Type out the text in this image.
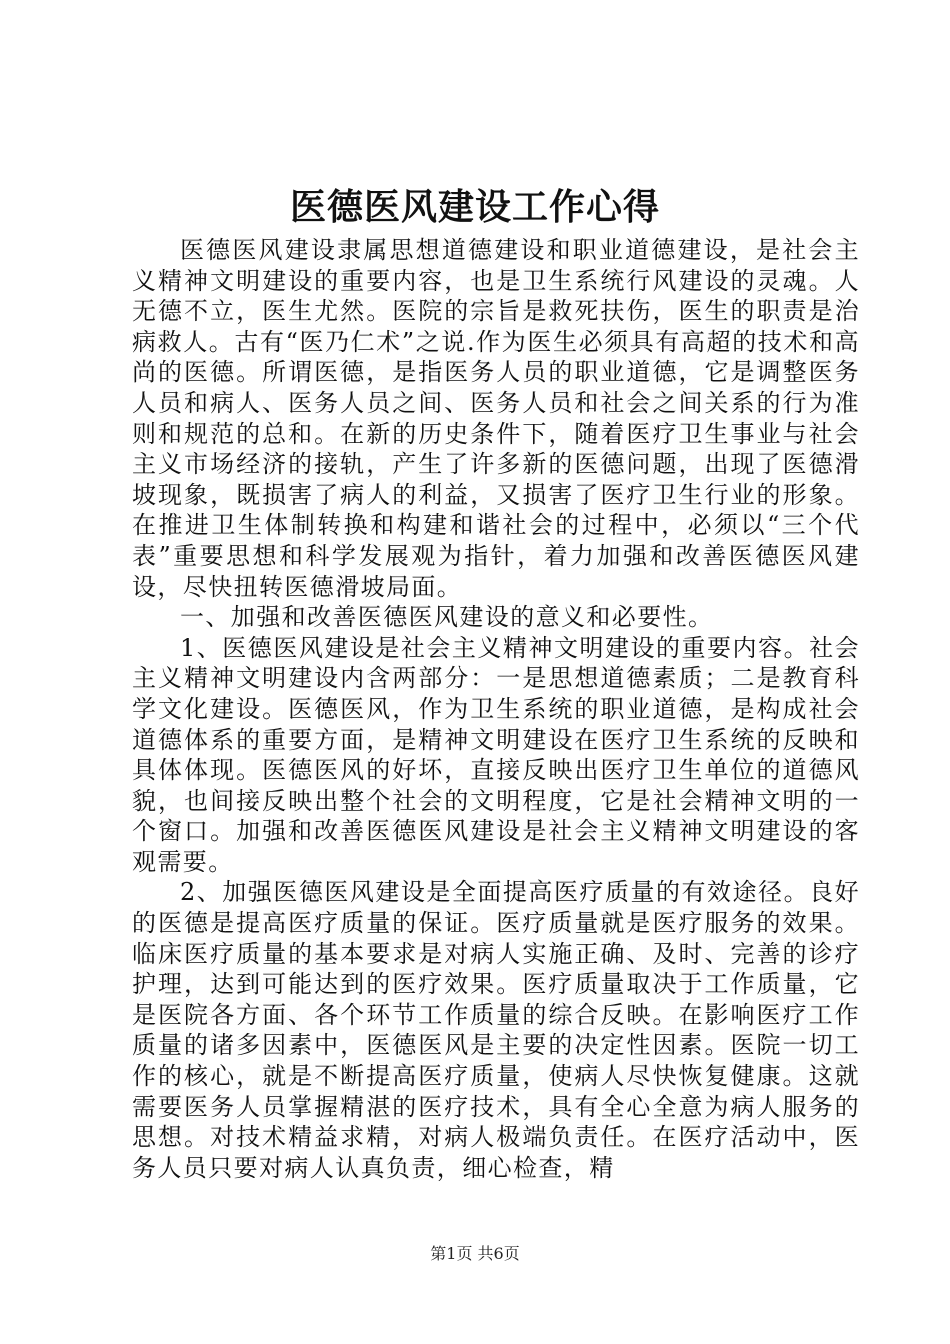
医德医风建设工作心得

医德医风建设隶属思想道德建设和职业道德建设，是社会主义精神文明建设的重要内容，也是卫生系统行风建设的灵魂。人无德不立，医生尤然。医院的宗旨是救死扶伤，医生的职责是治病救人。古有“医乃仁术”之说.作为医生必须具有高超的技术和高尚的医德。所谓医德，是指医务人员的职业道德，它是调整医务人员和病人、医务人员之间、医务人员和社会之间关系的行为准则和规范的总和。在新的历史条件下，随着医疗卫生事业与社会主义市场经济的接轨，产生了许多新的医德问题，出现了医德滑坡现象，既损害了病人的利益，又损害了医疗卫生行业的形象。在推进卫生体制转换和构建和谐社会的过程中，必须以“三个代表”重要思想和科学发展观为指针，着力加强和改善医德医风建设，尽快扭转医德滑坡局面。

一、加强和改善医德医风建设的意义和必要性。

1、医德医风建设是社会主义精神文明建设的重要内容。社会主义精神文明建设内含两部分：一是思想道德素质；二是教育科学文化建设。医德医风，作为卫生系统的职业道德，是构成社会道德体系的重要方面，是精神文明建设在医疗卫生系统的反映和具体体现。医德医风的好坏，直接反映出医疗卫生单位的道德风貌，也间接反映出整个社会的文明程度，它是社会精神文明的一个窗口。加强和改善医德医风建设是社会主义精神文明建设的客观需要。

2、加强医德医风建设是全面提高医疗质量的有效途径。良好的医德是提高医疗质量的保证。医疗质量就是医疗服务的效果。临床医疗质量的基本要求是对病人实施正确、及时、完善的诊疗护理，达到可能达到的医疗效果。医疗质量取决于工作质量，它是医院各方面、各个环节工作质量的综合反映。在影响医疗工作质量的诸多因素中，医德医风是主要的决定性因素。医院一切工作的核心，就是不断提高医疗质量，使病人尽快恢复健康。这就需要医务人员掌握精湛的医疗技术，具有全心全意为病人服务的思想。对技术精益求精，对病人极端负责任。在医疗活动中，医务人员只要对病人认真负责，细心检查，精

第1页 共6页
